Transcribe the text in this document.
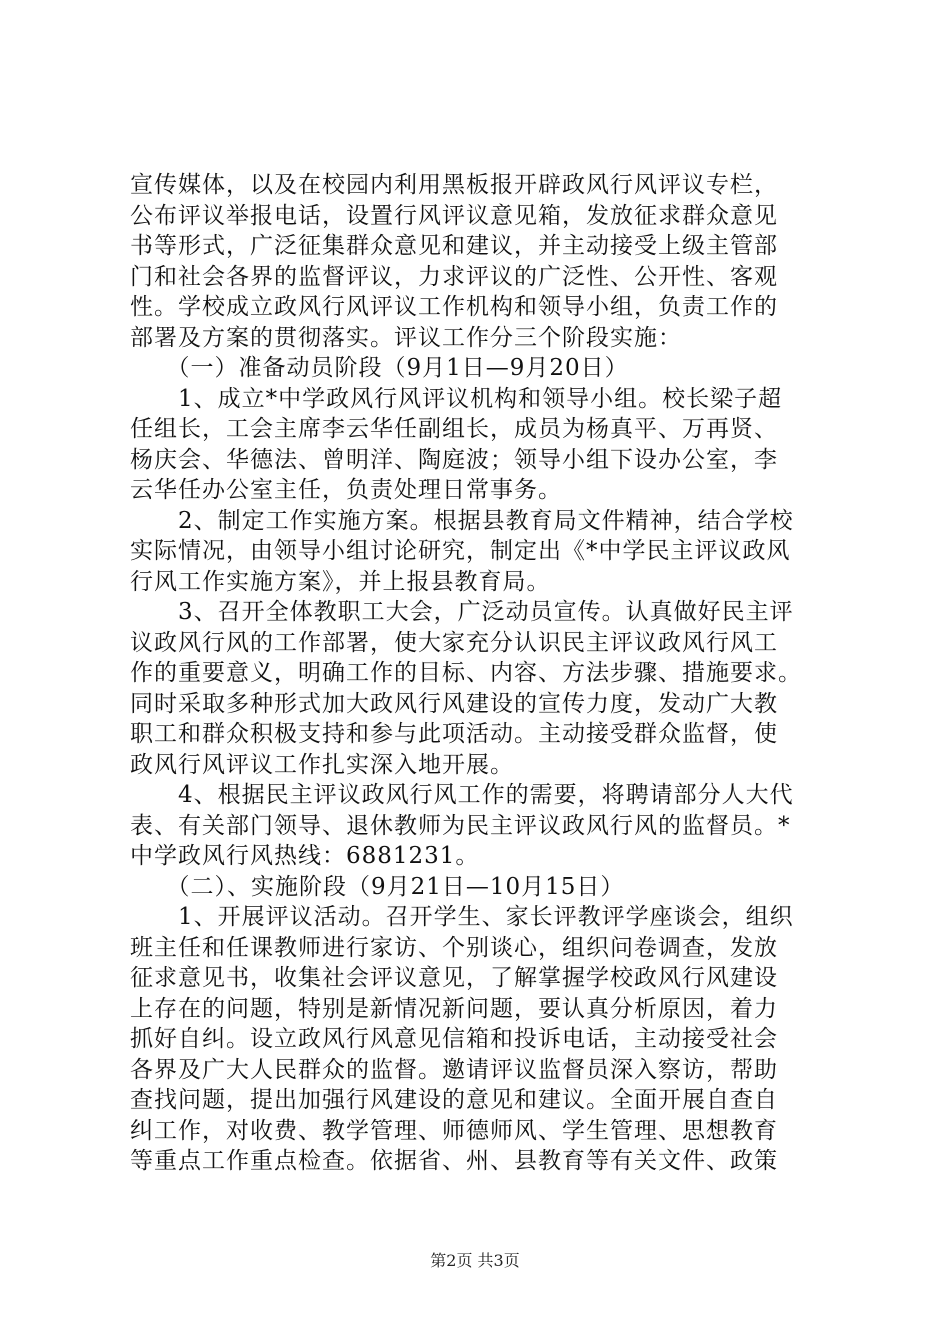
宣传媒体，以及在校园内利用黑板报开辟政风行风评议专栏，
公布评议举报电话，设置行风评议意见箱，发放征求群众意见
书等形式，广泛征集群众意见和建议，并主动接受上级主管部
门和社会各界的监督评议，力求评议的广泛性、公开性、客观
性。学校成立政风行风评议工作机构和领导小组，负责工作的
部署及方案的贯彻落实。评议工作分三个阶段实施：
　　（一）准备动员阶段（9月1日—9月20日）
　　1、成立*中学政风行风评议机构和领导小组。校长梁子超
任组长，工会主席李云华任副组长，成员为杨真平、万再贤、
杨庆会、华德法、曾明洋、陶庭波；领导小组下设办公室，李
云华任办公室主任，负责处理日常事务。
　　2、制定工作实施方案。根据县教育局文件精神，结合学校
实际情况，由领导小组讨论研究，制定出《*中学民主评议政风
行风工作实施方案》，并上报县教育局。
　　3、召开全体教职工大会，广泛动员宣传。认真做好民主评
议政风行风的工作部署，使大家充分认识民主评议政风行风工
作的重要意义，明确工作的目标、内容、方法步骤、措施要求。
同时采取多种形式加大政风行风建设的宣传力度，发动广大教
职工和群众积极支持和参与此项活动。主动接受群众监督，使
政风行风评议工作扎实深入地开展。
　　4、根据民主评议政风行风工作的需要，将聘请部分人大代
表、有关部门领导、退休教师为民主评议政风行风的监督员。*
中学政风行风热线：6881231。
　　（二）、实施阶段（9月21日—10月15日）
　　1、开展评议活动。召开学生、家长评教评学座谈会，组织
班主任和任课教师进行家访、个别谈心，组织问卷调查，发放
征求意见书，收集社会评议意见，了解掌握学校政风行风建设
上存在的问题，特别是新情况新问题，要认真分析原因，着力
抓好自纠。设立政风行风意见信箱和投诉电话，主动接受社会
各界及广大人民群众的监督。邀请评议监督员深入察访，帮助
查找问题，提出加强行风建设的意见和建议。全面开展自查自
纠工作，对收费、教学管理、师德师风、学生管理、思想教育
等重点工作重点检查。依据省、州、县教育等有关文件、政策
第2页 共3页
